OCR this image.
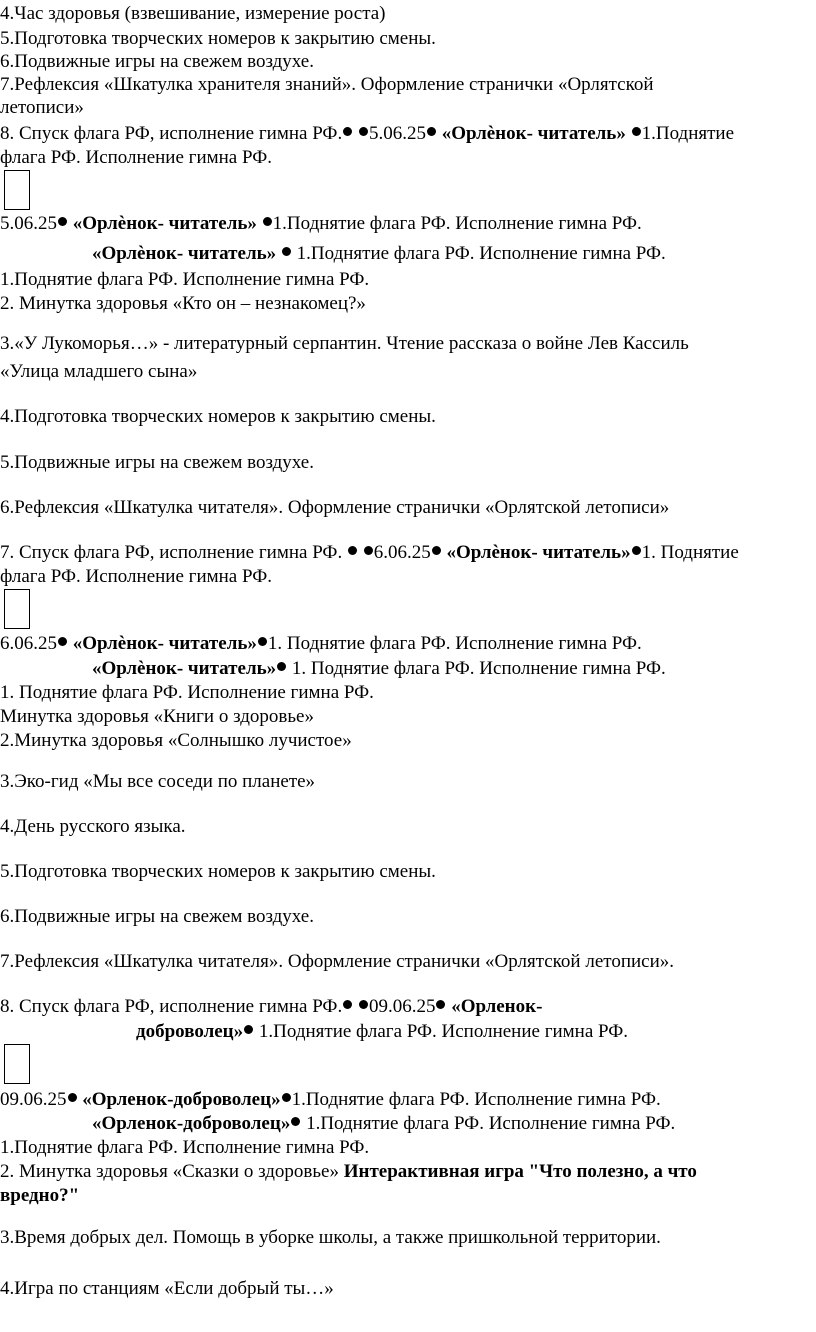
4.Час здоровья (взвешивание, измерение роста)
5.Подготовка творческих номеров к закрытию смены.
6.Подвижные игры на свежем воздухе.
7.Рефлексия «Шкатулка хранителя знаний». Оформление странички «Орлятской
летописи»
8. Спуск флага РФ, исполнение гимна РФ. 5.06.25 «Орлѐнок- читатель» 1.Поднятие
флага РФ. Исполнение гимна РФ.
5.06.25 «Орлѐнок- читатель» 1.Поднятие флага РФ. Исполнение гимна РФ.
«Орлѐнок- читатель» 1.Поднятие флага РФ. Исполнение гимна РФ.
1.Поднятие флага РФ. Исполнение гимна РФ.
2. Минутка здоровья «Кто он – незнакомец?»
3.«У Лукоморья…» - литературный серпантин. Чтение рассказа о войне Лев Кассиль
«Улица младшего сына»
4.Подготовка творческих номеров к закрытию смены.
5.Подвижные игры на свежем воздухе.
6.Рефлексия «Шкатулка читателя». Оформление странички «Орлятской летописи»
7. Спуск флага РФ, исполнение гимна РФ. 6.06.25 «Орлѐнок- читатель» 1. Поднятие
флага РФ. Исполнение гимна РФ.
6.06.25 «Орлѐнок- читатель» 1. Поднятие флага РФ. Исполнение гимна РФ.
«Орлѐнок- читатель» 1. Поднятие флага РФ. Исполнение гимна РФ.
1. Поднятие флага РФ. Исполнение гимна РФ.
Минутка здоровья «Книги о здоровье»
2.Минутка здоровья «Солнышко лучистое»
3.Эко-гид «Мы все соседи по планете»
4.День русского языка.
5.Подготовка творческих номеров к закрытию смены.
6.Подвижные игры на свежем воздухе.
7.Рефлексия «Шкатулка читателя». Оформление странички «Орлятской летописи».
8. Спуск флага РФ, исполнение гимна РФ. 09.06.25 «Орленок-
доброволец» 1.Поднятие флага РФ. Исполнение гимна РФ.
09.06.25 «Орленок-доброволец» 1.Поднятие флага РФ. Исполнение гимна РФ.
«Орленок-доброволец» 1.Поднятие флага РФ. Исполнение гимна РФ.
1.Поднятие флага РФ. Исполнение гимна РФ.
2. Минутка здоровья «Сказки о здоровье» Интерактивная игра "Что полезно, а что
вредно?"
3.Время добрых дел. Помощь в уборке школы, а также пришкольной территории.
4.Игра по станциям «Если добрый ты…»
